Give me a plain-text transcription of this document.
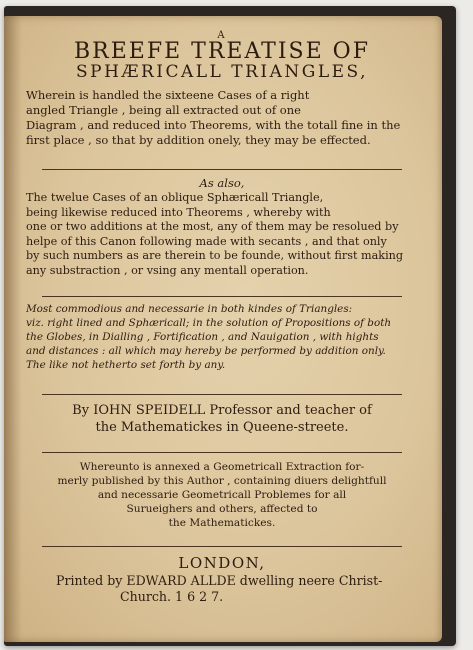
A
BREEFE TREATISE OF
SPHÆRICALL TRIANGLES,
Wherein is handled the sixteene Cases of a right
angled Triangle , being all extracted out of one
Diagram , and reduced into Theorems, with the totall fine in the
first place , so that by addition onely, they may be effected.
As also,
The twelue Cases of an oblique Sphæricall Triangle,
being likewise reduced into Theorems , whereby with
one or two additions at the most, any of them may be resolued by
helpe of this Canon following made with secants , and that only
by such numbers as are therein to be founde, without first making
any substraction , or vsing any mentall operation.
Most commodious and necessarie in both kindes of Triangles:
viz. right lined and Sphæricall; in the solution of Propositions of both
the Globes, in Dialling , Fortification , and Nauigation , with hights
and distances : all which may hereby be performed by addition only.
The like not hetherto set forth by any.
By IOHN SPEIDELL Professor and teacher of
the Mathematickes in Queene-streete.
Whereunto is annexed a Geometricall Extraction for-
merly published by this Author , containing diuers delightfull
and necessarie Geometricall Problemes for all
Surueighers and others, affected to
the Mathematickes.
LONDON,
Printed by EDWARD ALLDE dwelling neere Christ-
Church. 1 6 2 7.
